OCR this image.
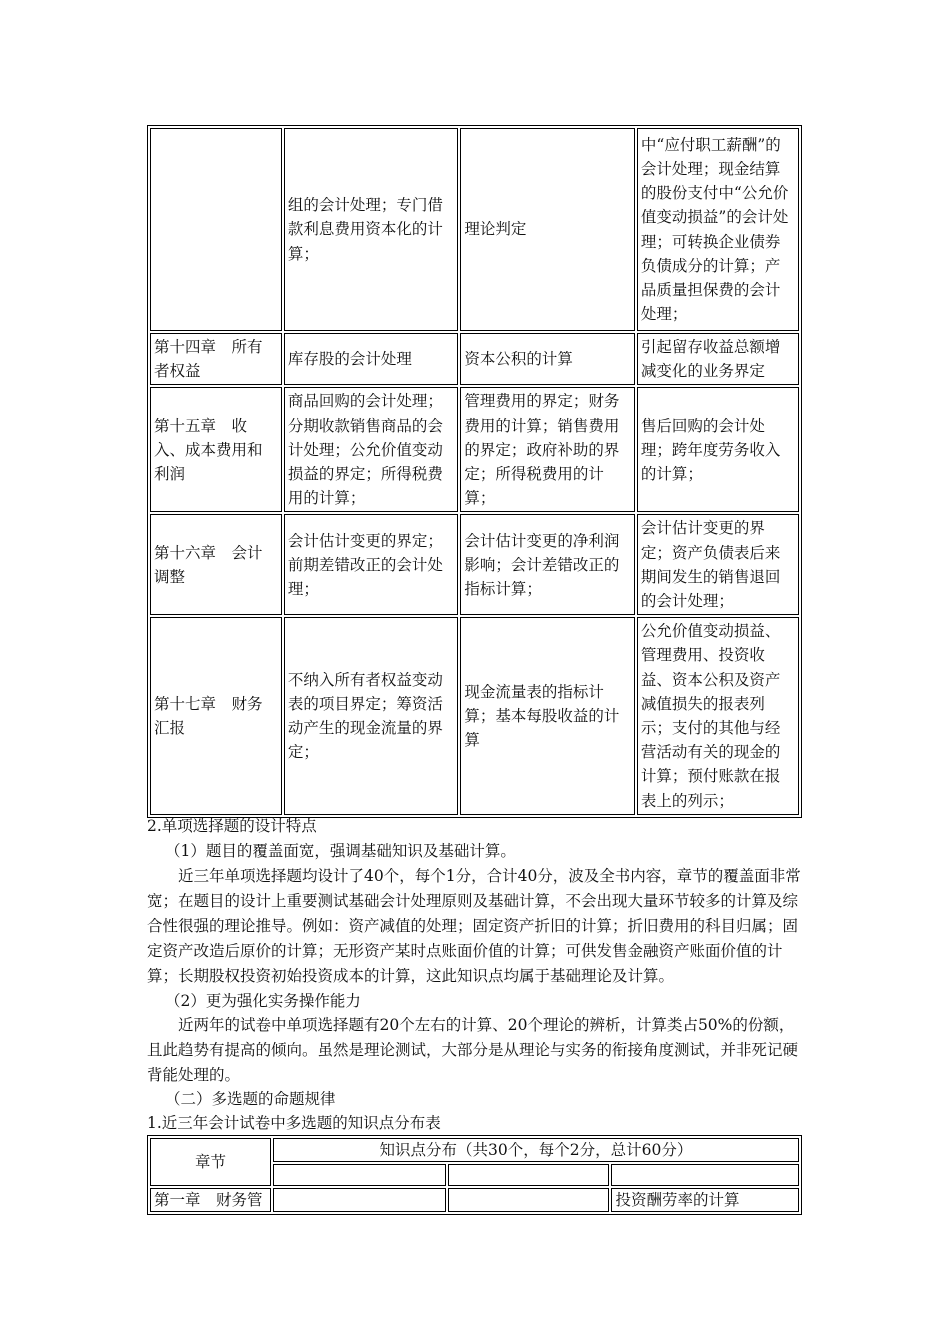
	组的会计处理；专门借款利息费用资本化的计算；	理论判定	中“应付职工薪酬”的会计处理；现金结算的股份支付中“公允价值变动损益”的会计处理；可转换企业债券负债成分的计算；产品质量担保费的会计处理；
第十四章　所有者权益	库存股的会计处理	资本公积的计算	引起留存收益总额增减变化的业务界定
第十五章　收入、成本费用和利润	商品回购的会计处理；分期收款销售商品的会计处理；公允价值变动损益的界定；所得税费用的计算；	管理费用的界定；财务费用的计算；销售费用的界定；政府补助的界定；所得税费用的计算；	售后回购的会计处理；跨年度劳务收入的计算；
第十六章　会计调整	会计估计变更的界定；前期差错改正的会计处理；	会计估计变更的净利润影响；会计差错改正的指标计算；	会计估计变更的界定；资产负债表后来期间发生的销售退回的会计处理；
第十七章　财务汇报	不纳入所有者权益变动表的项目界定；筹资活动产生的现金流量的界定；	现金流量表的指标计算；基本每股收益的计算	公允价值变动损益、管理费用、投资收益、资本公积及资产减值损失的报表列示；支付的其他与经营活动有关的现金的计算；预付账款在报表上的列示；
2.单项选择题的设计特点
（1）题目的覆盖面宽，强调基础知识及基础计算。
近三年单项选择题均设计了40个，每个1分，合计40分，波及全书内容，章节的覆盖面非常宽；在题目的设计上重要测试基础会计处理原则及基础计算，不会出现大量环节较多的计算及综合性很强的理论推导。例如：资产减值的处理；固定资产折旧的计算；折旧费用的科目归属；固定资产改造后原价的计算；无形资产某时点账面价值的计算；可供发售金融资产账面价值的计算；长期股权投资初始投资成本的计算，这此知识点均属于基础理论及计算。
（2）更为强化实务操作能力
近两年的试卷中单项选择题有20个左右的计算、20个理论的辨析，计算类占50%的份额，且此趋势有提高的倾向。虽然是理论测试，大部分是从理论与实务的衔接角度测试，并非死记硬背能处理的。
（二）多选题的命题规律
1.近三年会计试卷中多选题的知识点分布表
章节	知识点分布（共30个，每个2分，总计60分）		

第一章　财务管			投资酬劳率的计算
